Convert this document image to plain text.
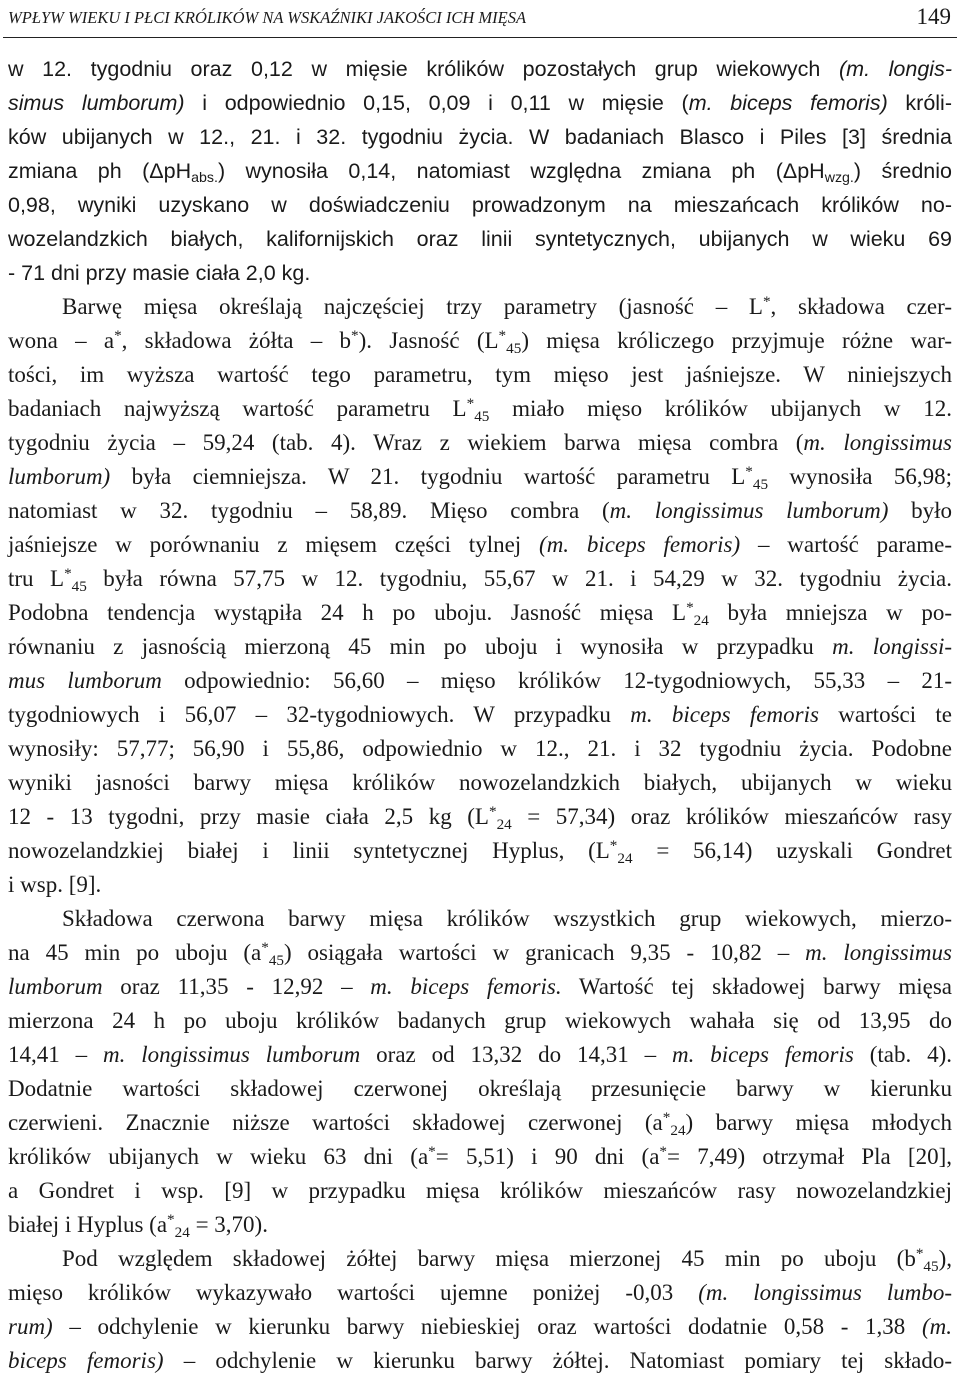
WPŁYW WIEKU I PŁCI KRÓLIKÓW NA WSKAŹNIKI JAKOŚCI ICH MIĘSA	149
w 12. tygodniu oraz 0,12 w mięsie królików pozostałych grup wiekowych (m. longis-
simus lumborum) i odpowiednio 0,15, 0,09 i 0,11 w mięsie (m. biceps femoris) króli-
ków ubijanych w 12., 21. i 32. tygodniu życia. W badaniach Blasco i Piles [3] średnia
zmiana ph (ΔpHabs.) wynosiła 0,14, natomiast względna zmiana ph (ΔpHwzg.) średnio
0,98, wyniki uzyskano w doświadczeniu prowadzonym na mieszańcach królików no-
wozelandzkich białych, kalifornijskich oraz linii syntetycznych, ubijanych w wieku 69
- 71 dni przy masie ciała 2,0 kg.
Barwę mięsa określają najczęściej trzy parametry (jasność – L*, składowa czer-
wona – a*, składowa żółta – b*). Jasność (L*45) mięsa króliczego przyjmuje różne war-
tości, im wyższa wartość tego parametru, tym mięso jest jaśniejsze. W niniejszych
badaniach najwyższą wartość parametru L*45 miało mięso królików ubijanych w 12.
tygodniu życia – 59,24 (tab. 4). Wraz z wiekiem barwa mięsa combra (m. longissimus
lumborum) była ciemniejsza. W 21. tygodniu wartość parametru L*45 wynosiła 56,98;
natomiast w 32. tygodniu – 58,89. Mięso combra (m. longissimus lumborum) było
jaśniejsze w porównaniu z mięsem części tylnej (m. biceps femoris) – wartość parame-
tru L*45 była równa 57,75 w 12. tygodniu, 55,67 w 21. i 54,29 w 32. tygodniu życia.
Podobna tendencja wystąpiła 24 h po uboju. Jasność mięsa L*24 była mniejsza w po-
równaniu z jasnością mierzoną 45 min po uboju i wynosiła w przypadku m. longissi-
mus lumborum odpowiednio: 56,60 – mięso królików 12-tygodniowych, 55,33 – 21-
tygodniowych i 56,07 – 32-tygodniowych. W przypadku m. biceps femoris wartości te
wynosiły: 57,77; 56,90 i 55,86, odpowiednio w 12., 21. i 32 tygodniu życia. Podobne
wyniki jasności barwy mięsa królików nowozelandzkich białych, ubijanych w wieku
12 - 13 tygodni, przy masie ciała 2,5 kg (L*24 = 57,34) oraz królików mieszańców rasy
nowozelandzkiej białej i linii syntetycznej Hyplus, (L*24 = 56,14) uzyskali Gondret
i wsp. [9].
Składowa czerwona barwy mięsa królików wszystkich grup wiekowych, mierzo-
na 45 min po uboju (a*45) osiągała wartości w granicach 9,35 - 10,82 – m. longissimus
lumborum oraz 11,35 - 12,92 – m. biceps femoris. Wartość tej składowej barwy mięsa
mierzona 24 h po uboju królików badanych grup wiekowych wahała się od 13,95 do
14,41 – m. longissimus lumborum oraz od 13,32 do 14,31 – m. biceps femoris (tab. 4).
Dodatnie wartości składowej czerwonej określają przesunięcie barwy w kierunku
czerwieni. Znacznie niższe wartości składowej czerwonej (a*24) barwy mięsa młodych
królików ubijanych w wieku 63 dni (a*= 5,51) i 90 dni (a*= 7,49) otrzymał Pla [20],
a Gondret i wsp. [9] w przypadku mięsa królików mieszańców rasy nowozelandzkiej
białej i Hyplus (a*24 = 3,70).
Pod względem składowej żółtej barwy mięsa mierzonej 45 min po uboju (b*45),
mięso królików wykazywało wartości ujemne poniżej -0,03 (m. longissimus lumbo-
rum) – odchylenie w kierunku barwy niebieskiej oraz wartości dodatnie 0,58 - 1,38 (m.
biceps femoris) – odchylenie w kierunku barwy żółtej. Natomiast pomiary tej składo-
